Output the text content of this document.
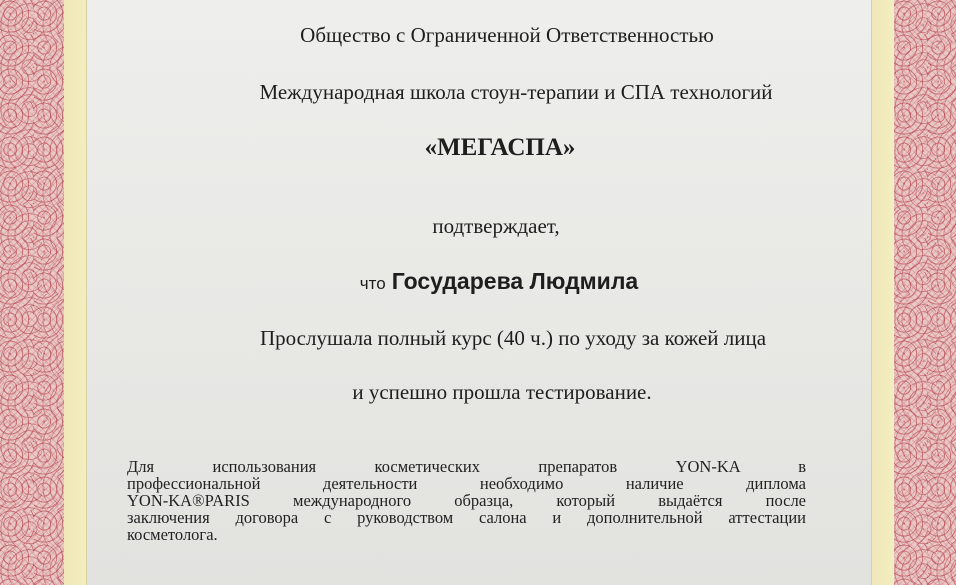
Общество с Ограниченной Ответственностью
Международная школа стоун-терапии и СПА технологий
«МЕГАСПА»
подтверждает,
что Государева Людмила
Прослушала полный курс (40 ч.) по уходу за кожей лица
и успешно прошла тестирование.
Для использования косметических препаратов YON-KA в
профессиональной деятельности необходимо наличие диплома
YON-KA®PARIS международного образца, который выдаётся после
заключения договора с руководством салона и дополнительной аттестации
косметолога.
